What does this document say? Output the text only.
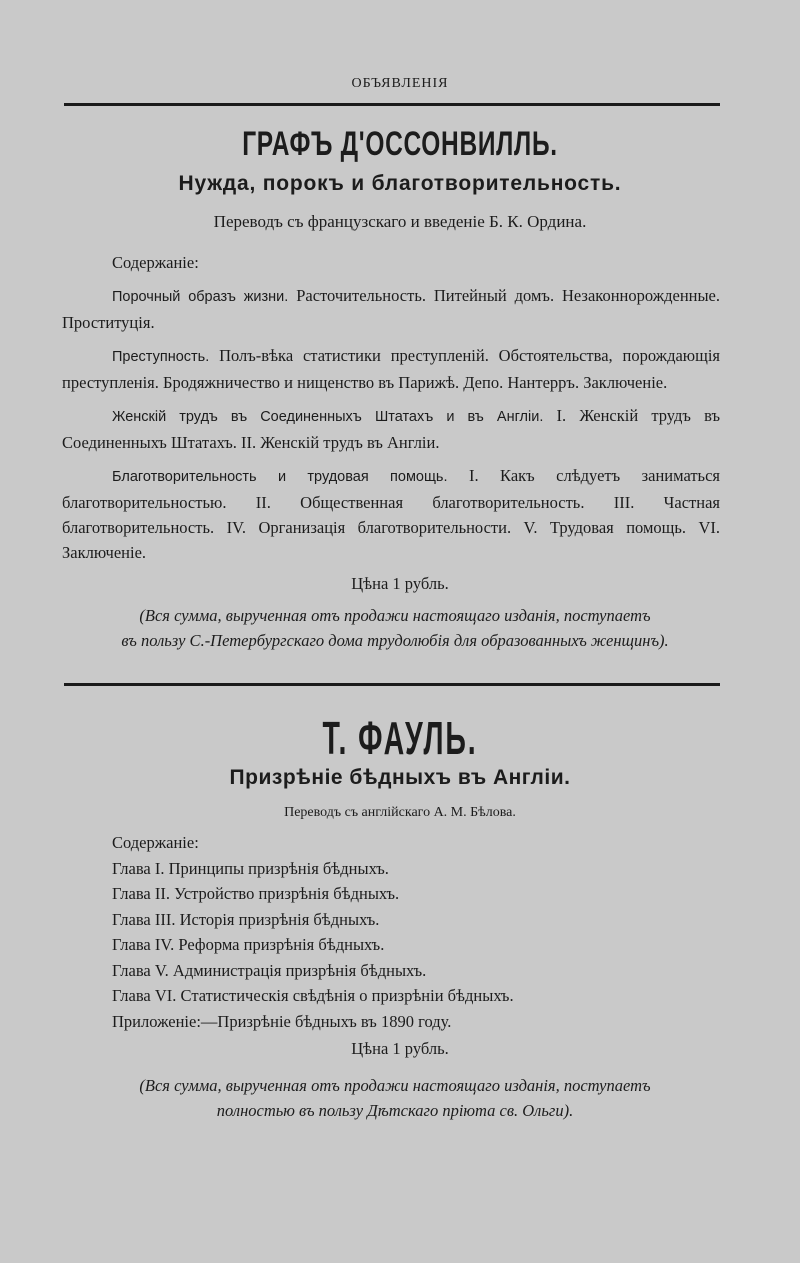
ОБЪЯВЛЕНІЯ
ГРАФЪ Д'ОССОНВИЛЛЬ.
Нужда, порокъ и благотворительность.
Переводъ съ французскаго и введеніе Б. К. Ордина.
Содержаніе:
Порочный образъ жизни. Расточительность. Питейный домъ. Незаконнорожденные. Проституція.
Преступность. Полъ-вѣка статистики преступленій. Обстоятельства, порождающія преступленія. Бродяжничество и нищенство въ Парижѣ. Депо. Нантерръ. Заключеніе.
Женскій трудъ въ Соединенныхъ Штатахъ и въ Англіи. I. Женскій трудъ въ Соединенныхъ Штатахъ. II. Женскій трудъ въ Англіи.
Благотворительность и трудовая помощь. I. Какъ слѣдуетъ заниматься благотворительностью. II. Общественная благотворительность. III. Частная благотворительность. IV. Организація благотворительности. V. Трудовая помощь. VI. Заключеніе.
Цѣна 1 рубль.
(Вся сумма, вырученная отъ продажи настоящаго изданія, поступаетъ
въ пользу С.-Петербургскаго дома трудолюбія для образованныхъ женщинъ).
Т. ФАУЛЬ.
Призрѣніе бѣдныхъ въ Англіи.
Переводъ съ англійскаго А. М. Бѣлова.
Содержаніе:
Глава I. Принципы призрѣнія бѣдныхъ.
Глава II. Устройство призрѣнія бѣдныхъ.
Глава III. Исторія призрѣнія бѣдныхъ.
Глава IV. Реформа призрѣнія бѣдныхъ.
Глава V. Администрація призрѣнія бѣдныхъ.
Глава VI. Статистическія свѣдѣнія о призрѣніи бѣдныхъ.
Приложеніе:—Призрѣніе бѣдныхъ въ 1890 году.
Цѣна 1 рубль.
(Вся сумма, вырученная отъ продажи настоящаго изданія, поступаетъ
полностью въ пользу Дѣтскаго пріюта св. Ольги).
